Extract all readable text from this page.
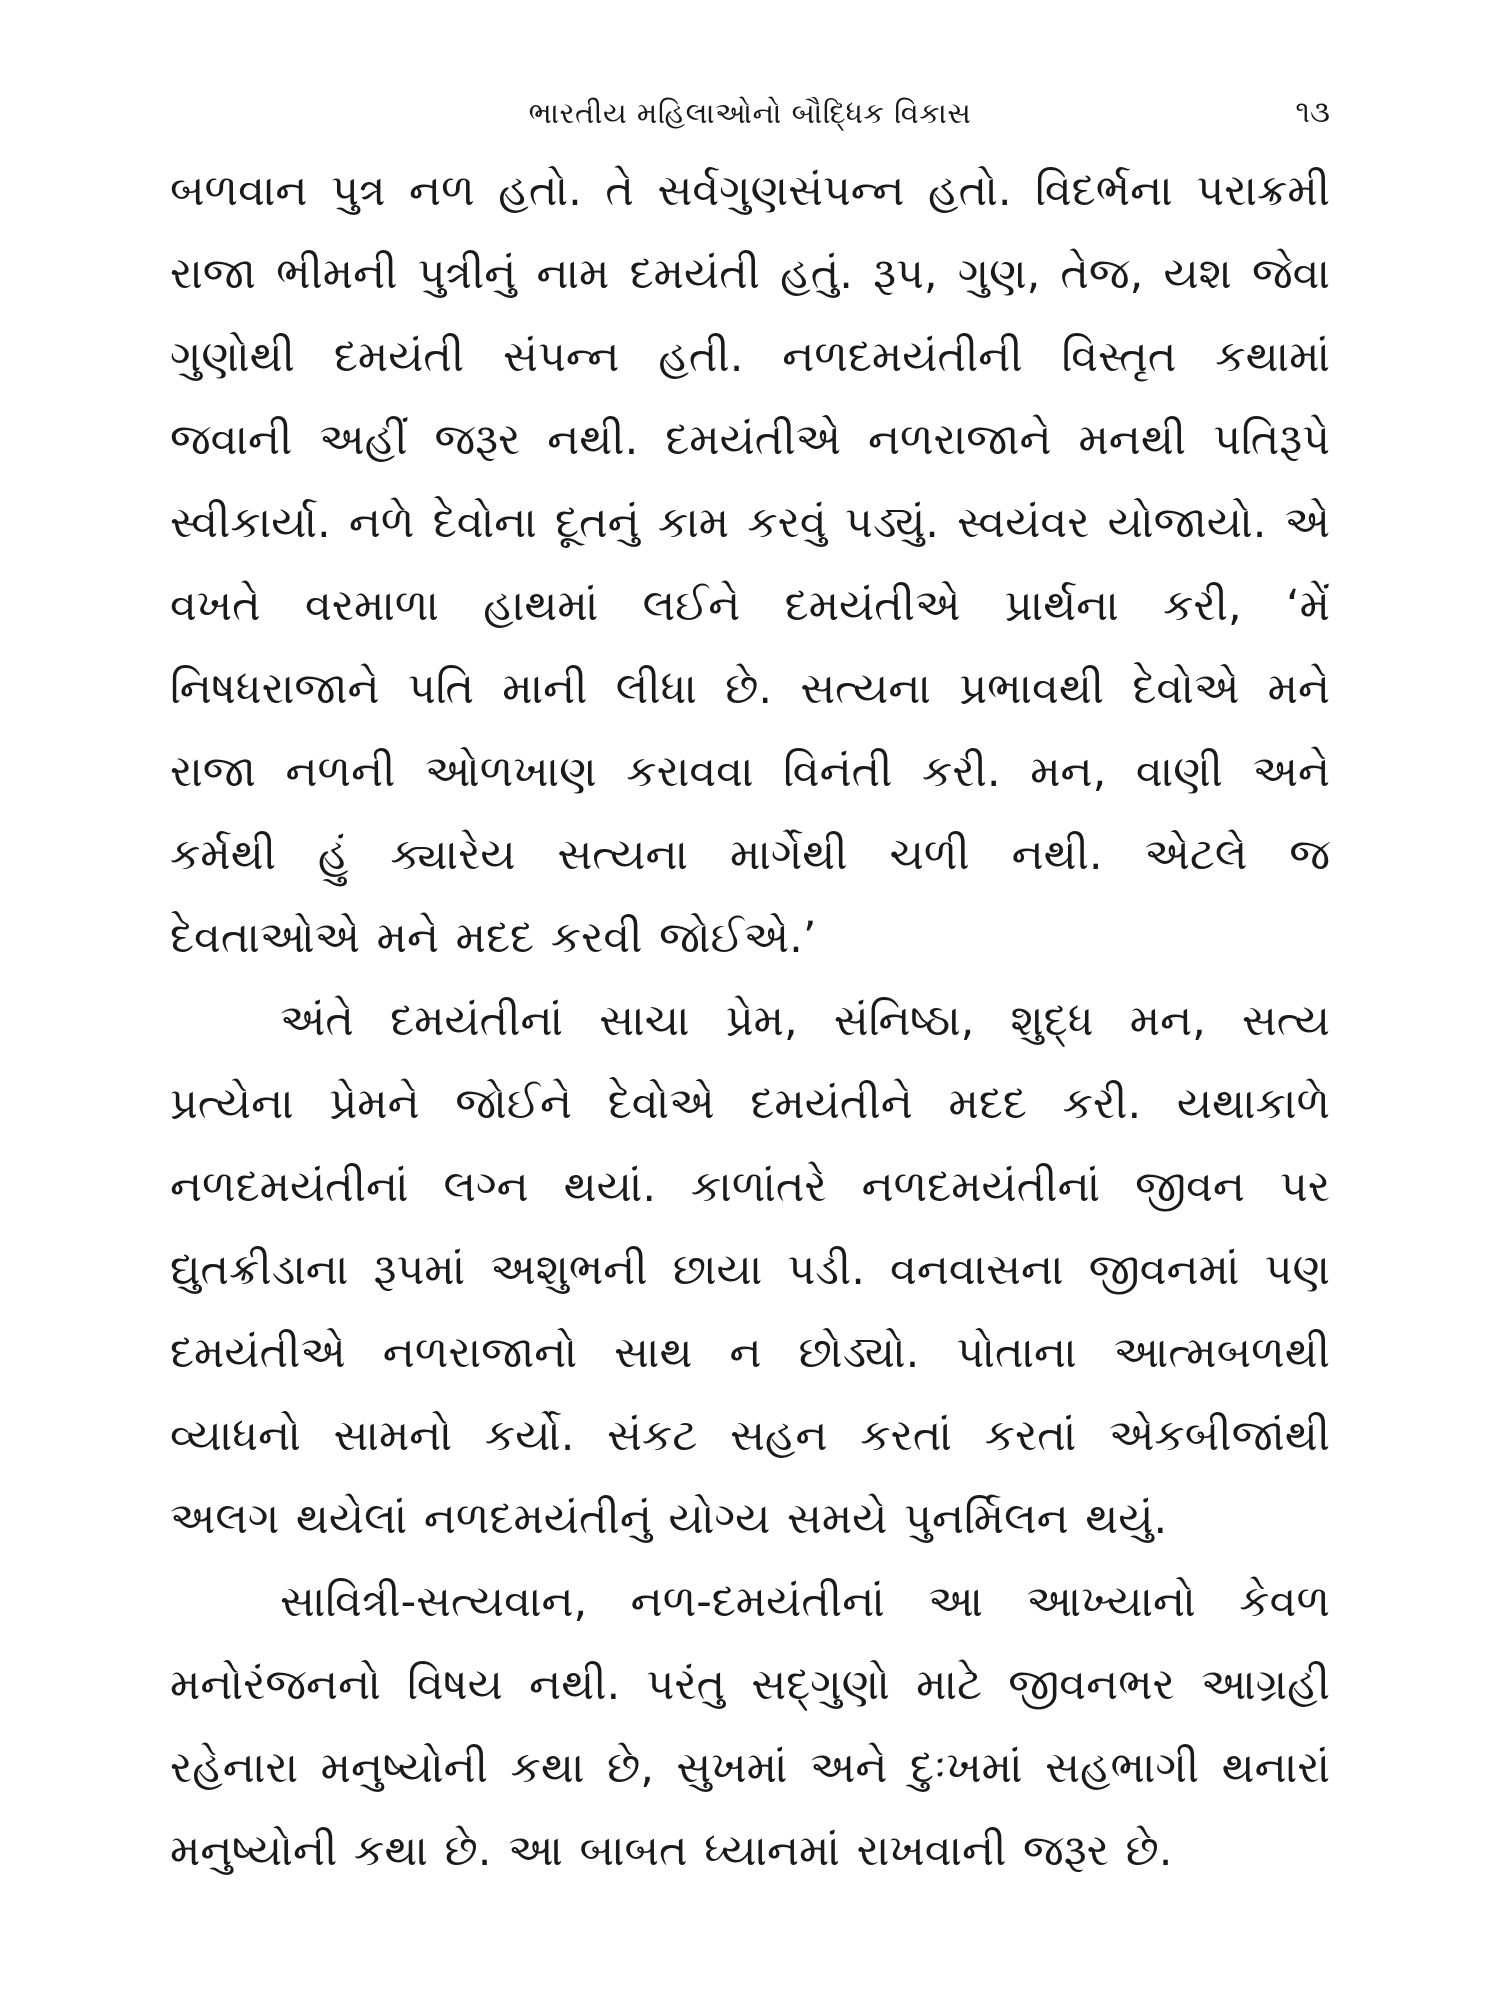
ભારતીય મહિલાઓનો બૌદ્ધિક વિકાસ	૧૩

બળવાન પુત્ર નળ હતો. તે સર્વગુણસંપન્ન હતો. વિદર્ભના પરાક્રમી રાજા ભીમની પુત્રીનું નામ દમયંતી હતું. રૂપ, ગુણ, તેજ, યશ જેવા ગુણોથી દમયંતી સંપન્ન હતી. નળદમયંતીની વિસ્તૃત કથામાં જવાની અહીં જરૂર નથી. દમયંતીએ નળરાજાને મનથી પતિરૂપે સ્વીકાર્યા. નળે દેવોના દૂતનું કામ કરવું પડ્યું. સ્વયંવર યોજાયો. એ વખતે વરમાળા હાથમાં લઈને દમયંતીએ પ્રાર્થના કરી, ‘મેં નિષધરાજાને પતિ માની લીધા છે. સત્યના પ્રભાવથી દેવોએ મને રાજા નળની ઓળખાણ કરાવવા વિનંતી કરી. મન, વાણી અને કર્મથી હું ક્યારેય સત્યના માર્ગેથી ચળી નથી. એટલે જ દેવતાઓએ મને મદદ કરવી જોઈએ.’

અંતે દમયંતીનાં સાચા પ્રેમ, સંનિષ્ઠા, શુદ્ધ મન, સત્ય પ્રત્યેના પ્રેમને જોઈને દેવોએ દમયંતીને મદદ કરી. યથાકાળે નળદમયંતીનાં લગ્ન થયાં. કાળાંતરે નળદમયંતીનાં જીવન પર દ્યુતક્રીડાના રૂપમાં અશુભની છાયા પડી. વનવાસના જીવનમાં પણ દમયંતીએ નળરાજાનો સાથ ન છોડ્યો. પોતાના આત્મબળથી વ્યાધનો સામનો કર્યો. સંકટ સહન કરતાં કરતાં એકબીજાંથી અલગ થયેલાં નળદમયંતીનું યોગ્ય સમયે પુનર્મિલન થયું.

સાવિત્રી-સત્યવાન, નળ-દમયંતીનાં આ આખ્યાનો કેવળ મનોરંજનનો વિષય નથી. પરંતુ સદ્‌ગુણો માટે જીવનભર આગ્રહી રહેનારા મનુષ્યોની કથા છે, સુખમાં અને દુઃખમાં સહભાગી થનારાં મનુષ્યોની કથા છે. આ બાબત ધ્યાનમાં રાખવાની જરૂર છે.
